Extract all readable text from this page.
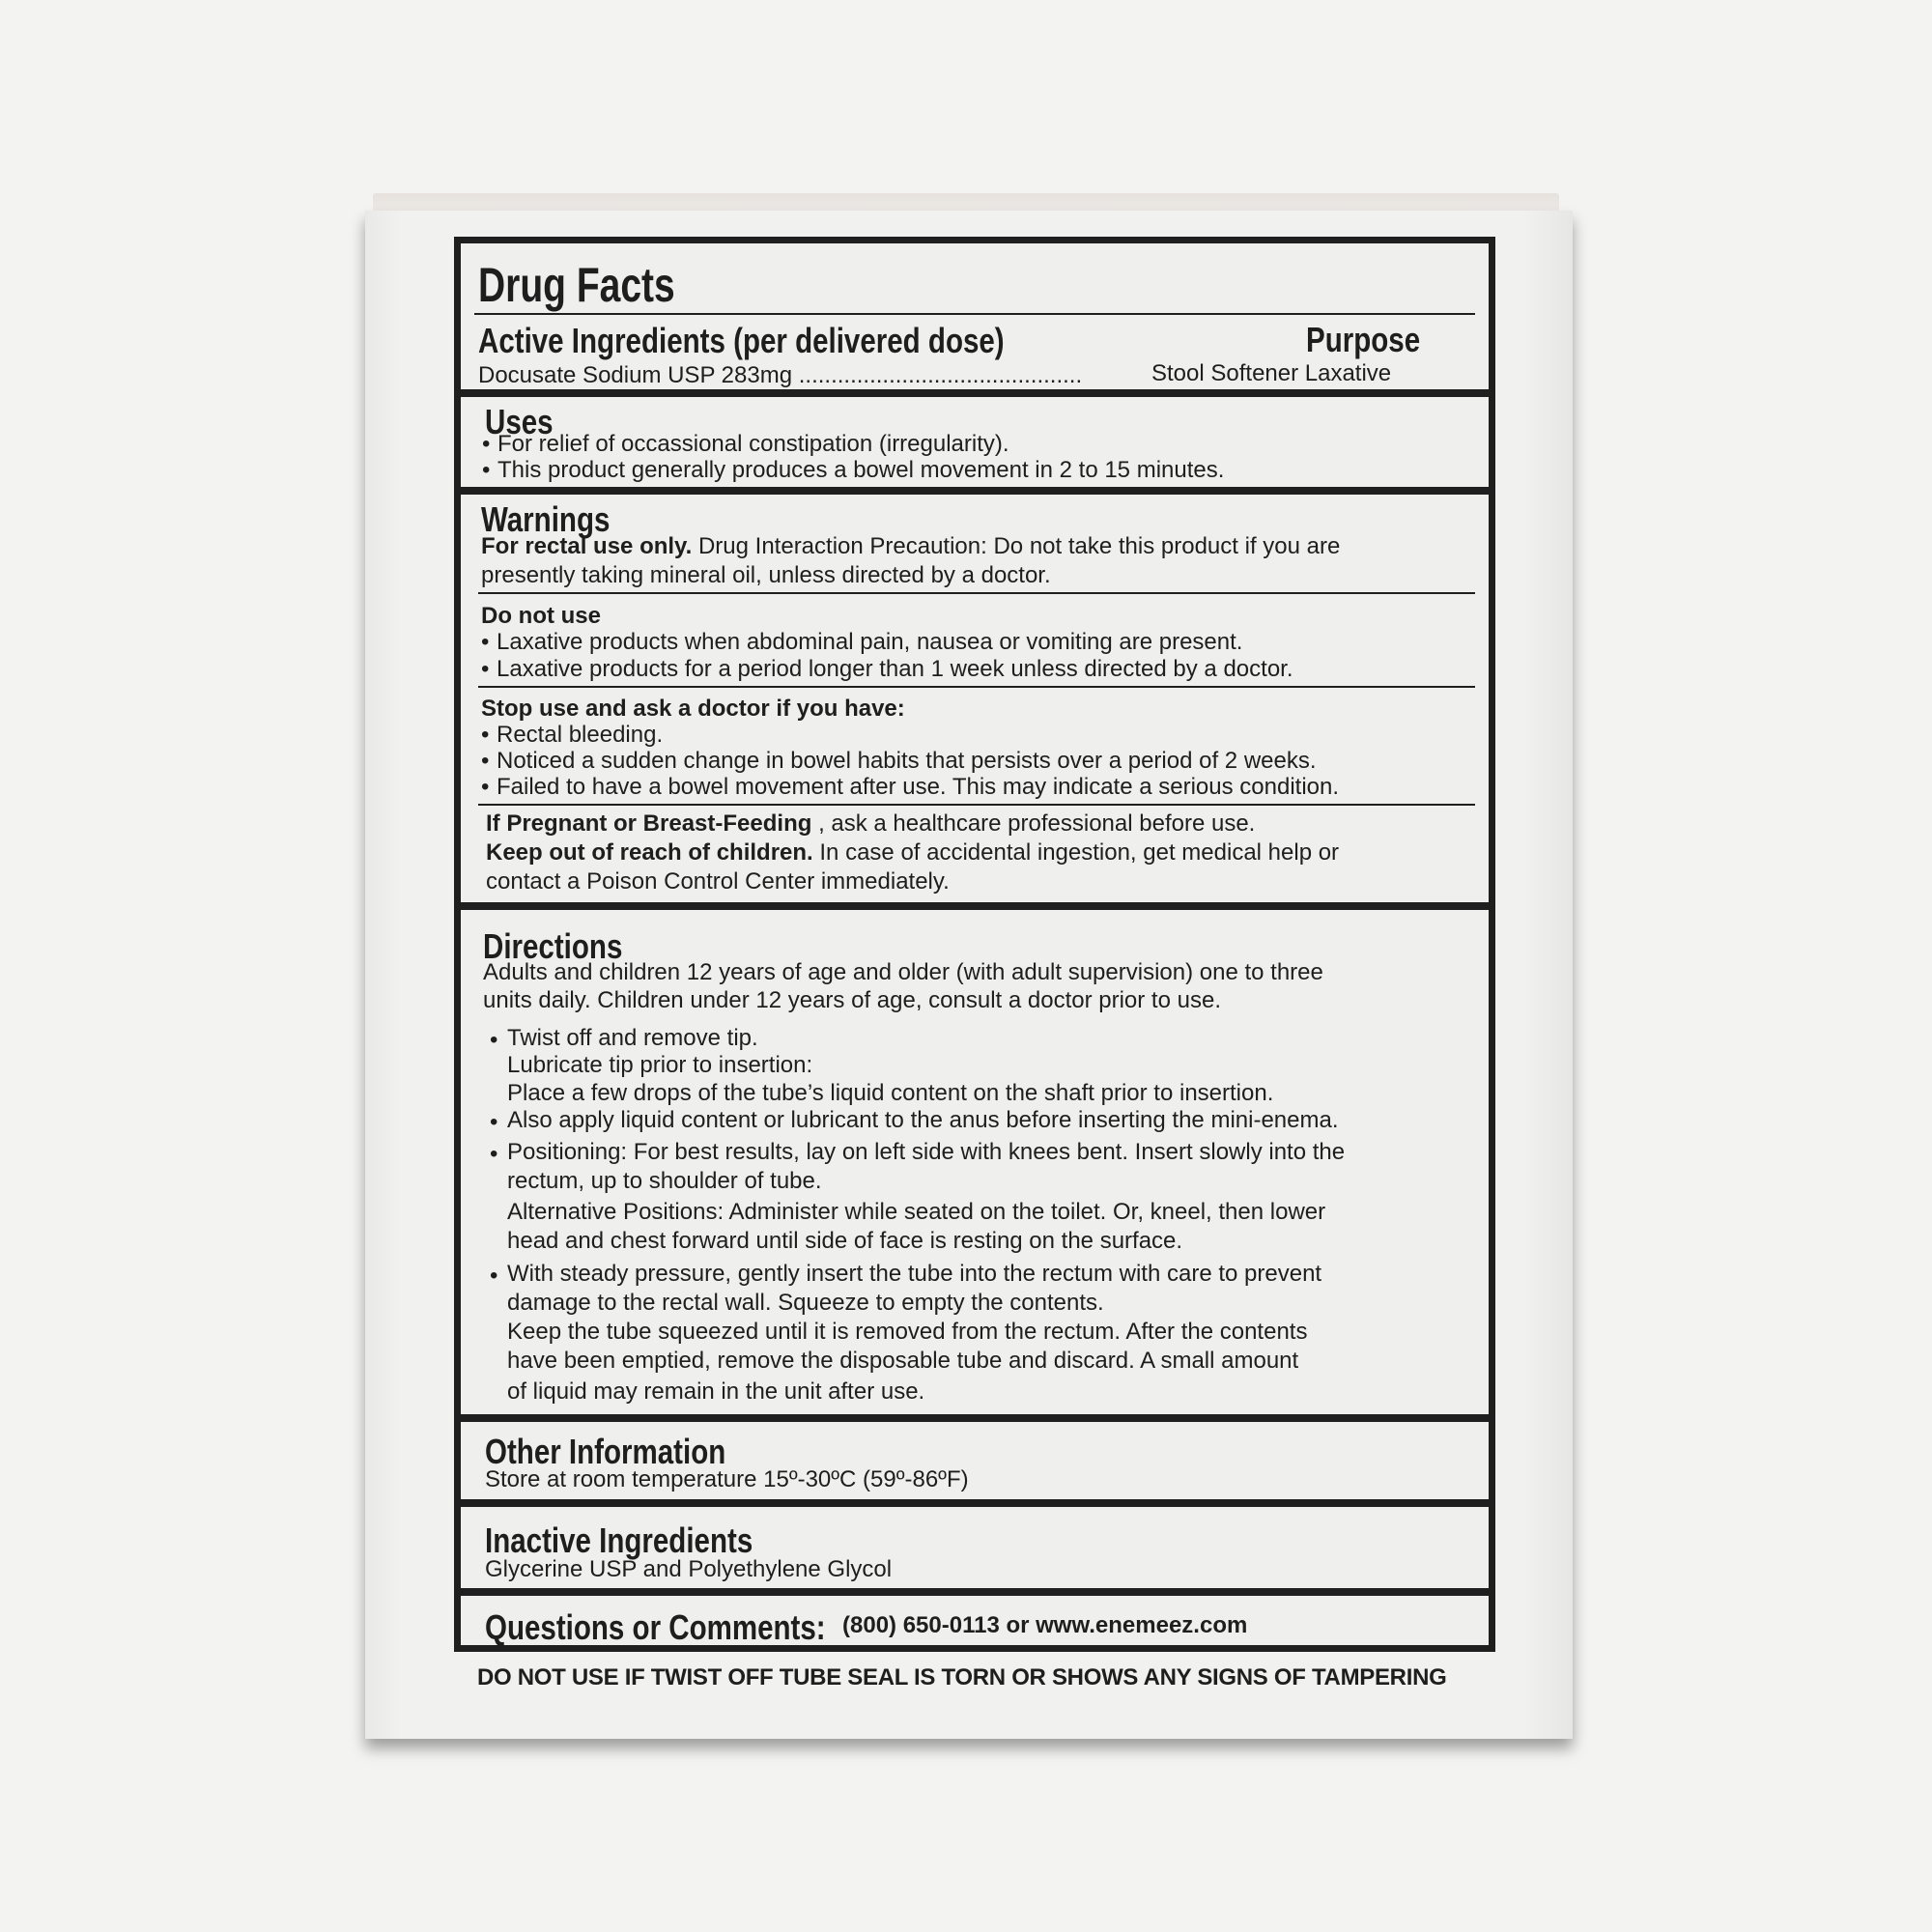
Drug Facts
Active Ingredients (per delivered dose)	Purpose
Docusate Sodium USP 283mg ............................................	Stool Softener Laxative
Uses
• For relief of occassional constipation (irregularity).
• This product generally produces a bowel movement in 2 to 15 minutes.
Warnings
For rectal use only. Drug Interaction Precaution: Do not take this product if you are
presently taking mineral oil, unless directed by a doctor.
Do not use
• Laxative products when abdominal pain, nausea or vomiting are present.
• Laxative products for a period longer than 1 week unless directed by a doctor.
Stop use and ask a doctor if you have:
• Rectal bleeding.
• Noticed a sudden change in bowel habits that persists over a period of 2 weeks.
• Failed to have a bowel movement after use. This may indicate a serious condition.
If Pregnant or Breast-Feeding , ask a healthcare professional before use.
Keep out of reach of children. In case of accidental ingestion, get medical help or
contact a Poison Control Center immediately.
Directions
Adults and children 12 years of age and older (with adult supervision) one to three
units daily. Children under 12 years of age, consult a doctor prior to use.
• Twist off and remove tip.
Lubricate tip prior to insertion:
Place a few drops of the tube’s liquid content on the shaft prior to insertion.
• Also apply liquid content or lubricant to the anus before inserting the mini-enema.
• Positioning: For best results, lay on left side with knees bent. Insert slowly into the
rectum, up to shoulder of tube.
Alternative Positions: Administer while seated on the toilet. Or, kneel, then lower
head and chest forward until side of face is resting on the surface.
• With steady pressure, gently insert the tube into the rectum with care to prevent
damage to the rectal wall. Squeeze to empty the contents.
Keep the tube squeezed until it is removed from the rectum. After the contents
have been emptied, remove the disposable tube and discard. A small amount
of liquid may remain in the unit after use.
Other Information
Store at room temperature 15º-30ºC (59º-86ºF)
Inactive Ingredients
Glycerine USP and Polyethylene Glycol
Questions or Comments: (800) 650-0113 or www.enemeez.com
DO NOT USE IF TWIST OFF TUBE SEAL IS TORN OR SHOWS ANY SIGNS OF TAMPERING
